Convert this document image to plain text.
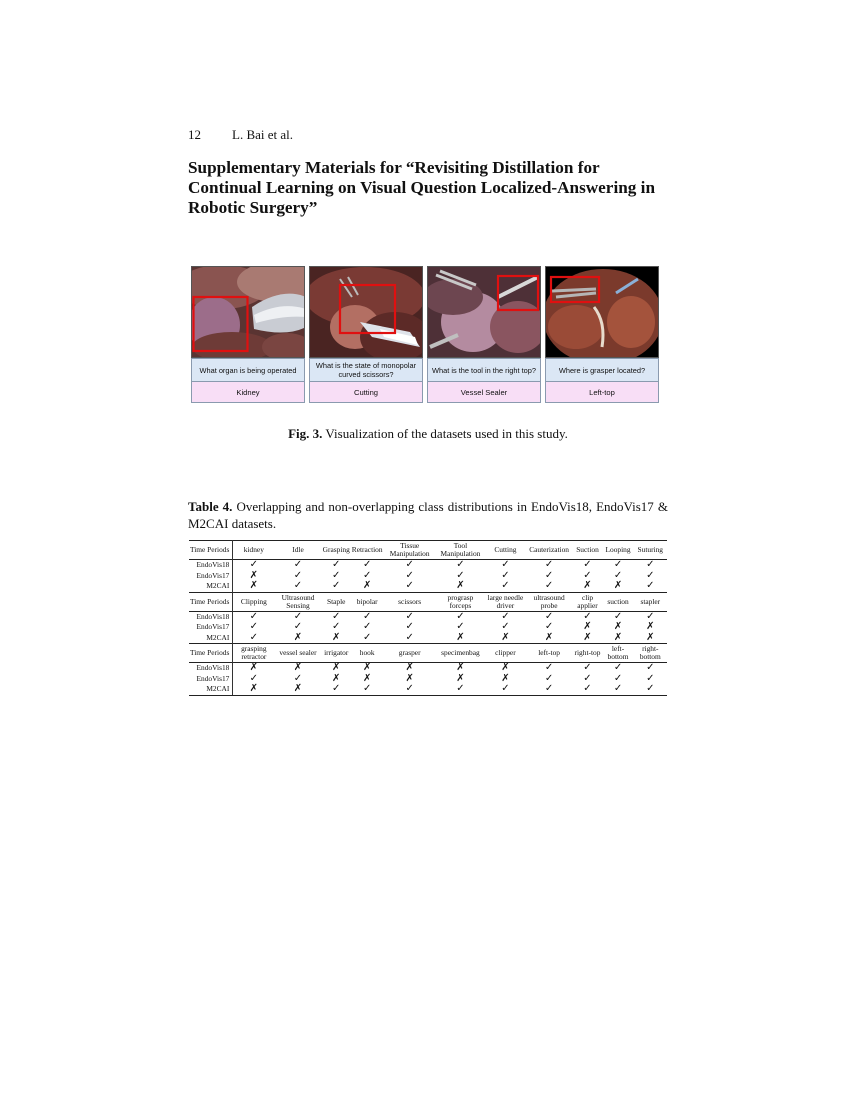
12 L. Bai et al.
Supplementary Materials for “Revisiting Distillation for Continual Learning on Visual Question Localized-Answering in Robotic Surgery”
What organ is being operated
Kidney
What is the state of monopolar curved scissors?
Cutting
What is the tool in the right top?
Vessel Sealer
Where is grasper located?
Left-top
Fig. 3. Visualization of the datasets used in this study.
Table 4. Overlapping and non-overlapping class distributions in EndoVis18, EndoVis17 & M2CAI datasets.
Time Periods	kidney	Idle	Grasping	Retraction	Tissue Manipulation	Tool Manipulation	Cutting	Cauterization	Suction	Looping	Suturing
EndoVis18	✓	✓	✓	✓	✓	✓	✓	✓	✓	✓	✓
EndoVis17	✗	✓	✓	✓	✓	✓	✓	✓	✓	✓	✓
M2CAI	✗	✓	✓	✗	✓	✗	✓	✓	✗	✗	✓
Time Periods	Clipping	Ultrasound Sensing	Staple	bipolar	scissors	prograsp forceps	large needle driver	ultrasound probe	clip applier	suction	stapler
EndoVis18	✓	✓	✓	✓	✓	✓	✓	✓	✓	✓	✓
EndoVis17	✓	✓	✓	✓	✓	✓	✓	✓	✗	✗	✗
M2CAI	✓	✗	✗	✓	✓	✗	✗	✗	✗	✗	✗
Time Periods	grasping retractor	vessel sealer	irrigator	hook	grasper	specimenbag	clipper	left-top	right-top	left-bottom	right-bottom
EndoVis18	✗	✗	✗	✗	✗	✗	✗	✓	✓	✓	✓
EndoVis17	✓	✓	✗	✗	✗	✗	✗	✓	✓	✓	✓
M2CAI	✗	✗	✓	✓	✓	✓	✓	✓	✓	✓	✓
